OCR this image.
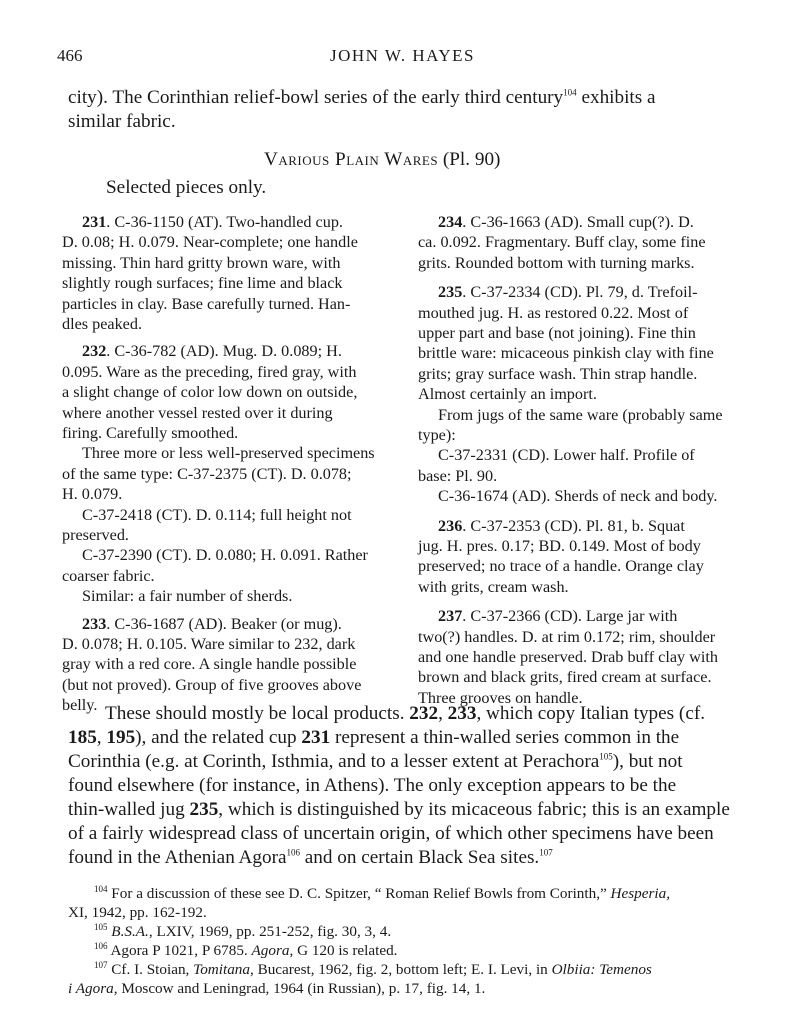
466	JOHN W. HAYES
city). The Corinthian relief-bowl series of the early third century$^{104}$ exhibits a
similar fabric.
Various Plain Wares (Pl. 90)
Selected pieces only.
231. C-36-1150 (AT). Two-handled cup.
D. 0.08; H. 0.079. Near-complete; one handle
missing. Thin hard gritty brown ware, with
slightly rough surfaces; fine lime and black
particles in clay. Base carefully turned. Han-
dles peaked.
232. C-36-782 (AD). Mug. D. 0.089; H.
0.095. Ware as the preceding, fired gray, with
a slight change of color low down on outside,
where another vessel rested over it during
firing. Carefully smoothed.
Three more or less well-preserved specimens
of the same type: C-37-2375 (CT). D. 0.078;
H. 0.079.
C-37-2418 (CT). D. 0.114; full height not
preserved.
C-37-2390 (CT). D. 0.080; H. 0.091. Rather
coarser fabric.
Similar: a fair number of sherds.
233. C-36-1687 (AD). Beaker (or mug).
D. 0.078; H. 0.105. Ware similar to 232, dark
gray with a red core. A single handle possible
(but not proved). Group of five grooves above
belly.
234. C-36-1663 (AD). Small cup(?). D.
ca. 0.092. Fragmentary. Buff clay, some fine
grits. Rounded bottom with turning marks.
235. C-37-2334 (CD). Pl. 79, d. Trefoil-
mouthed jug. H. as restored 0.22. Most of
upper part and base (not joining). Fine thin
brittle ware: micaceous pinkish clay with fine
grits; gray surface wash. Thin strap handle.
Almost certainly an import.
From jugs of the same ware (probably same
type):
C-37-2331 (CD). Lower half. Profile of
base: Pl. 90.
C-36-1674 (AD). Sherds of neck and body.
236. C-37-2353 (CD). Pl. 81, b. Squat
jug. H. pres. 0.17; BD. 0.149. Most of body
preserved; no trace of a handle. Orange clay
with grits, cream wash.
237. C-37-2366 (CD). Large jar with
two(?) handles. D. at rim 0.172; rim, shoulder
and one handle preserved. Drab buff clay with
brown and black grits, fired cream at surface.
Three grooves on handle.
These should mostly be local products. 232, 233, which copy Italian types (cf.
185, 195), and the related cup 231 represent a thin-walled series common in the
Corinthia (e.g. at Corinth, Isthmia, and to a lesser extent at Perachora$^{105}$), but not
found elsewhere (for instance, in Athens). The only exception appears to be the
thin-walled jug 235, which is distinguished by its micaceous fabric; this is an example
of a fairly widespread class of uncertain origin, of which other specimens have been
found in the Athenian Agora$^{106}$ and on certain Black Sea sites.$^{107}$
$^{104}$ For a discussion of these see D. C. Spitzer, “ Roman Relief Bowls from Corinth,” Hesperia,
XI, 1942, pp. 162-192.
$^{105}$ B.S.A., LXIV, 1969, pp. 251-252, fig. 30, 3, 4.
$^{106}$ Agora P 1021, P 6785. Agora, G 120 is related.
$^{107}$ Cf. I. Stoian, Tomitana, Bucarest, 1962, fig. 2, bottom left; E. I. Levi, in Olbiia: Temenos
i Agora, Moscow and Leningrad, 1964 (in Russian), p. 17, fig. 14, 1.
